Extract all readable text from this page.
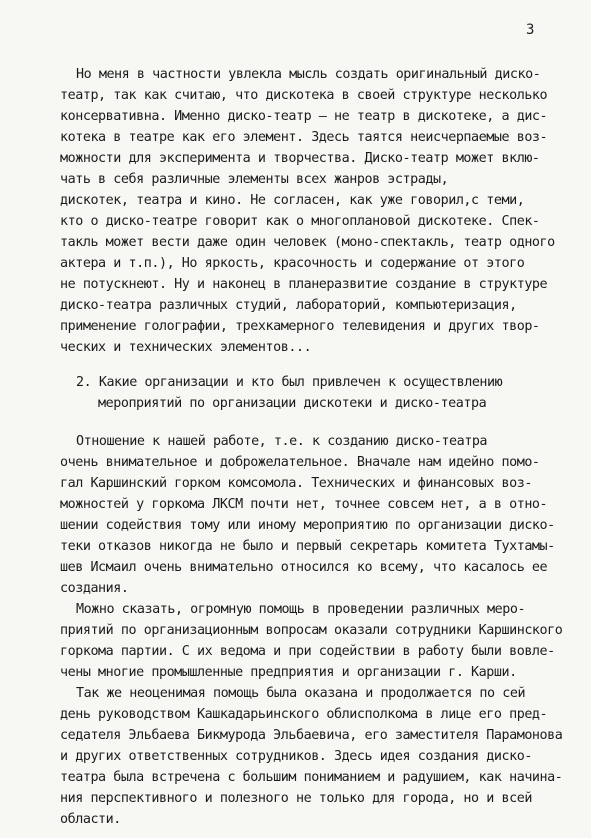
3
Но меня в частности увлекла мысль создать оригинальный диско-
театр, так как считаю, что дискотека в своей структуре несколько
консервативна. Именно диско-театр – не театр в дискотеке, а дис-
котека в театре как его элемент. Здесь таятся неисчерпаемые воз-
можности для эксперимента и творчества. Диско-театр может вклю-
чать в себя различные элементы всех жанров эстрады,
дискотек, театра и кино. Не согласен, как уже говорил,с теми,
кто о диско-театре говорит как о многоплановой дискотеке. Спек-
такль может вести даже один человек (моно-спектакль, театр одного
актера и т.п.), Но яркость, красочность и содержание от этого
не потускнеют. Ну и наконец в планеразвитие создание в структуре
диско-театра различных студий, лабораторий, компьютеризация,
применение голографии, трехкамерного телевидения и других твор-
ческих и технических элементов...
2. Какие организации и кто был привлечен к осуществлению
мероприятий по организации дискотеки и диско-театра
Отношение к нашей работе, т.е. к созданию диско-театра
очень внимательное и доброжелательное. Вначале нам идейно помо-
гал Каршинский горком комсомола. Технических и финансовых воз-
можностей у горкома ЛКСМ почти нет, точнее совсем нет, а в отно-
шении содействия тому или иному мероприятию по организации диско-
теки отказов никогда не было и первый секретарь комитета Тухтамы-
шев Исмаил очень внимательно относился ко всему, что касалось ее
создания.
Можно сказать, огромную помощь в проведении различных меро-
приятий по организационным вопросам оказали сотрудники Каршинского
горкома партии. С их ведома и при содействии в работу были вовле-
чены многие промышленные предприятия и организации г. Карши.
Так же неоценимая помощь была оказана и продолжается по сей
день руководством Кашкадарьинского облисполкома в лице его пред-
седателя Эльбаева Бикмурода Эльбаевича, его заместителя Парамонова
и других ответственных сотрудников. Здесь идея создания диско-
театра была встречена с большим пониманием и радушием, как начина-
ния перспективного и полезного не только для города, но и всей
области.
